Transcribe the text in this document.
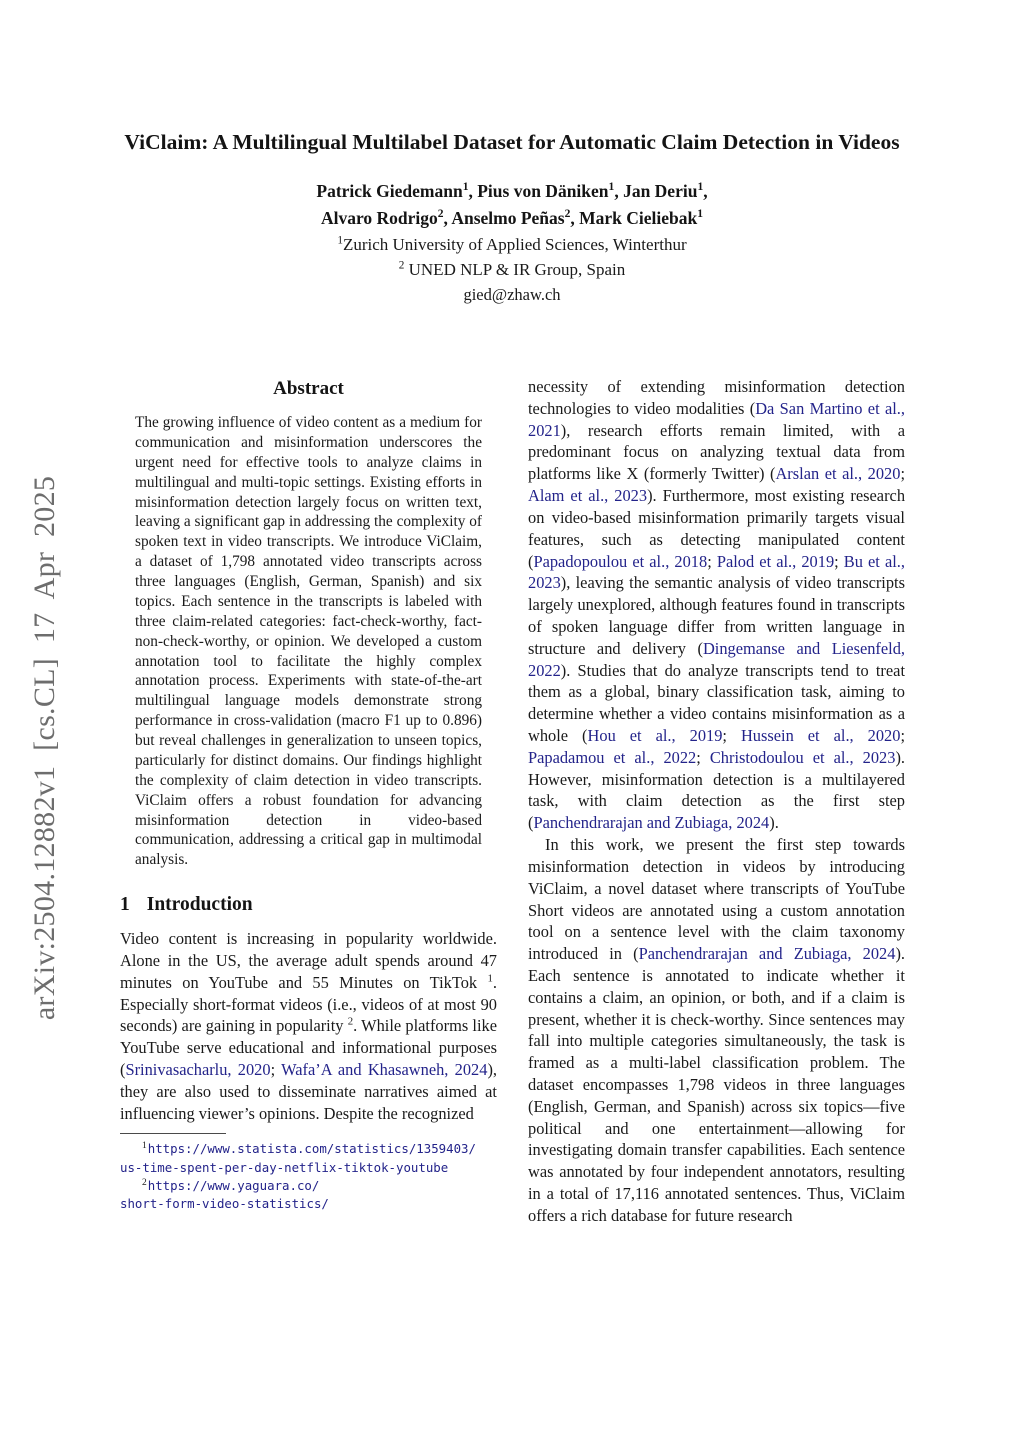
arXiv:2504.12882v1 [cs.CL] 17 Apr 2025
ViClaim: A Multilingual Multilabel Dataset for Automatic Claim Detection in Videos
Patrick Giedemann$^1$, Pius von Däniken$^1$, Jan Deriu$^1$,
Alvaro Rodrigo$^2$, Anselmo Peñas$^2$, Mark Cieliebak$^1$
$^1$Zurich University of Applied Sciences, Winterthur
$^2$ UNED NLP & IR Group, Spain
gied@zhaw.ch
Abstract

The growing influence of video content as a medium for communication and misinformation underscores the urgent need for effective tools to analyze claims in multilingual and multi-topic settings. Existing efforts in misinformation detection largely focus on written text, leaving a significant gap in addressing the complexity of spoken text in video transcripts. We introduce ViClaim, a dataset of 1,798 annotated video transcripts across three languages (English, German, Spanish) and six topics. Each sentence in the transcripts is labeled with three claim-related categories: fact-check-worthy, fact-non-check-worthy, or opinion. We developed a custom annotation tool to facilitate the highly complex annotation process. Experiments with state-of-the-art multilingual language models demonstrate strong performance in cross-validation (macro F1 up to 0.896) but reveal challenges in generalization to unseen topics, particularly for distinct domains. Our findings highlight the complexity of claim detection in video transcripts. ViClaim offers a robust foundation for advancing misinformation detection in video-based communication, addressing a critical gap in multimodal analysis.

1 Introduction

Video content is increasing in popularity worldwide. Alone in the US, the average adult spends around 47 minutes on YouTube and 55 Minutes on TikTok $^1$. Especially short-format videos (i.e., videos of at most 90 seconds) are gaining in popularity $^2$. While platforms like YouTube serve educational and informational purposes (Srinivasacharlu, 2020; Wafa’A and Khasawneh, 2024), they are also used to disseminate narratives aimed at influencing viewer’s opinions. Despite the recognized

$^1$https://www.statista.com/statistics/1359403/
us-time-spent-per-day-netflix-tiktok-youtube
$^2$https://www.yaguara.co/
short-form-video-statistics/

necessity of extending misinformation detection technologies to video modalities (Da San Martino et al., 2021), research efforts remain limited, with a predominant focus on analyzing textual data from platforms like X (formerly Twitter) (Arslan et al., 2020; Alam et al., 2023). Furthermore, most existing research on video-based misinformation primarily targets visual features, such as detecting manipulated content (Papadopoulou et al., 2018; Palod et al., 2019; Bu et al., 2023), leaving the semantic analysis of video transcripts largely unexplored, although features found in transcripts of spoken language differ from written language in structure and delivery (Dingemanse and Liesenfeld, 2022). Studies that do analyze transcripts tend to treat them as a global, binary classification task, aiming to determine whether a video contains misinformation as a whole (Hou et al., 2019; Hussein et al., 2020; Papadamou et al., 2022; Christodoulou et al., 2023). However, misinformation detection is a multilayered task, with claim detection as the first step (Panchendrarajan and Zubiaga, 2024).

In this work, we present the first step towards misinformation detection in videos by introducing ViClaim, a novel dataset where transcripts of YouTube Short videos are annotated using a custom annotation tool on a sentence level with the claim taxonomy introduced in (Panchendrarajan and Zubiaga, 2024). Each sentence is annotated to indicate whether it contains a claim, an opinion, or both, and if a claim is present, whether it is check-worthy. Since sentences may fall into multiple categories simultaneously, the task is framed as a multi-label classification problem. The dataset encompasses 1,798 videos in three languages (English, German, and Spanish) across six topics—five political and one entertainment—allowing for investigating domain transfer capabilities. Each sentence was annotated by four independent annotators, resulting in a total of 17,116 annotated sentences. Thus, ViClaim offers a rich database for future research
